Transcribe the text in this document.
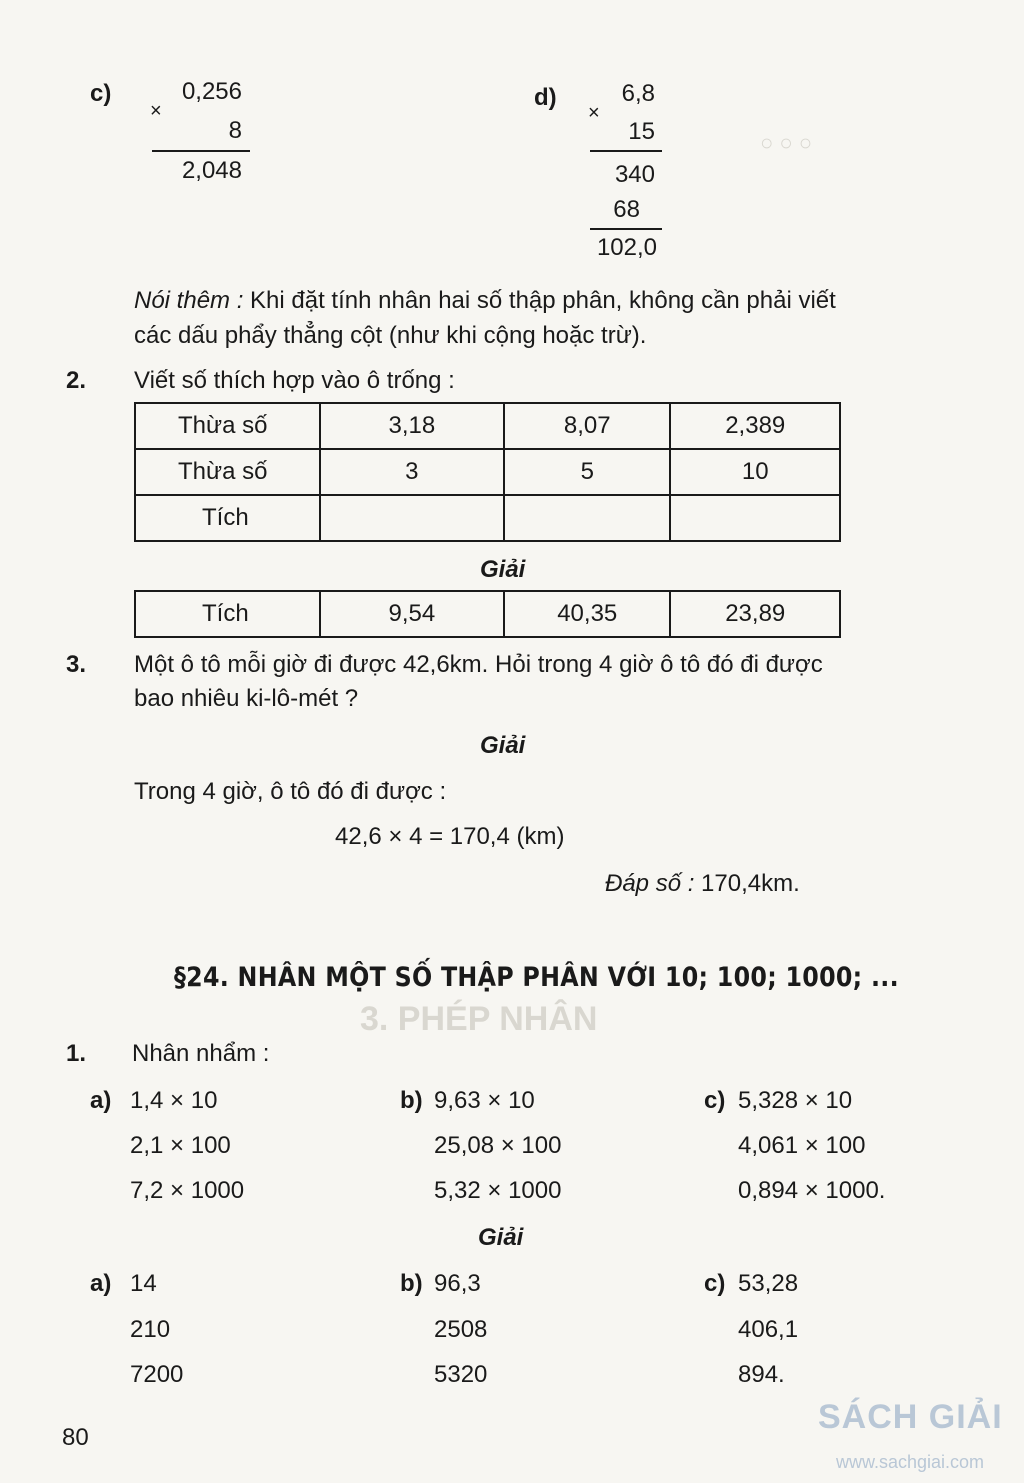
○ ○ ○
3. PHÉP NHÂN
c)
×
0,256
8
2,048
d)
×
6,8
15
340
68
102,0
Nói thêm : Khi đặt tính nhân hai số thập phân, không cần phải viết
các dấu phẩy thẳng cột (như khi cộng hoặc trừ).
2. Viết số thích hợp vào ô trống :
Thừa số	3,18	8,07	2,389
Thừa số	3	5	10
Tích			
Giải
Tích	9,54	40,35	23,89
3. Một ô tô mỗi giờ đi được 42,6km. Hỏi trong 4 giờ ô tô đó đi được
bao nhiêu ki-lô-mét ?
Giải
Trong 4 giờ, ô tô đó đi được :
42,6 × 4 = 170,4 (km)
Đáp số : 170,4km.
§24. NHÂN MỘT SỐ THẬP PHÂN VỚI 10; 100; 1000; ...
1. Nhân nhẩm :
a) 1,4 × 10
2,1 × 100
7,2 × 1000
b) 9,63 × 10
25,08 × 100
5,32 × 1000
c) 5,328 × 10
4,061 × 100
0,894 × 1000.
Giải
a) 14
210
7200
b) 96,3
2508
5320
c) 53,28
406,1
894.
80
SÁCH GIẢI
www.sachgiai.com
